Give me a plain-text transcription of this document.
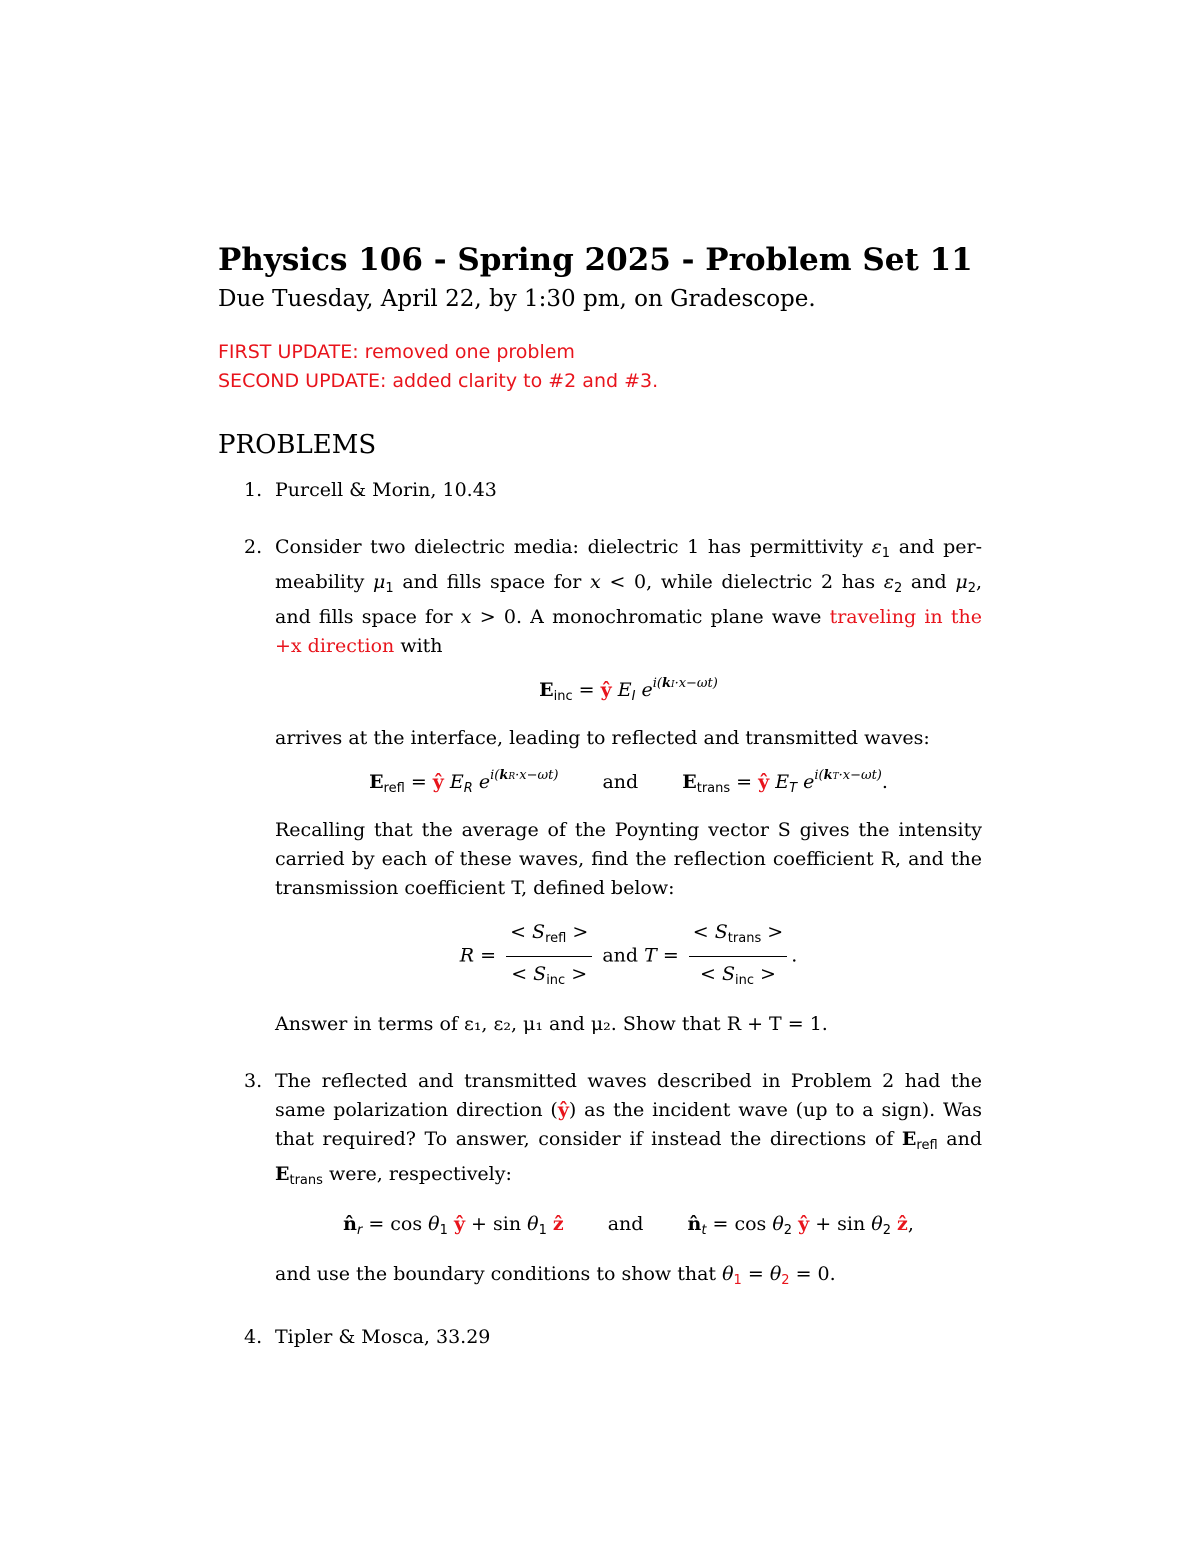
Physics 106 - Spring 2025 - Problem Set 11

Due Tuesday, April 22, by 1:30 pm, on Gradescope.

FIRST UPDATE: removed one problem
SECOND UPDATE: added clarity to #2 and #3.
PROBLEMS
1. Purcell & Morin, 10.43
2. Consider two dielectric media: dielectric 1 has permittivity $\varepsilon_1$ and per-meability $\mu_1$ and fills space for x < 0, while dielectric 2 has $\varepsilon_2$ and $\mu_2$, and fills space for x > 0. A monochromatic plane wave traveling in the +x direction with
$E_{inc}$ = ŷ $E_I$ $e^{i(kI\cdot x-\omega t)}$
arrives at the interface, leading to reflected and transmitted waves:
$E_{refl}$ = ŷ $E_R$ $e^{i(kR\cdot x-\omega t)}$ and $E_{trans}$ = ŷ $E_T$ $e^{i(kT\cdot x-\omega t)}$.
Recalling that the average of the Poynting vector S gives the intensity carried by each of these waves, find the reflection coefficient R, and the transmission coefficient T, defined below:
$R = \frac{< S_{refl} >}{< S_{inc} >}$ and $T = \frac{< S_{trans} >}{< S_{inc} >}$ .
Answer in terms of ε₁, ε₂, μ₁ and μ₂. Show that R + T = 1.
3. The reflected and transmitted waves described in Problem 2 had the same polarization direction (ŷ) as the incident wave (up to a sign). Was that required? To answer, consider if instead the directions of $E_{refl}$ and $E_{trans}$ were, respectively:
$n̂_r = \cos \theta_1$ ŷ + $\sin \theta_1$ ẑ and $n̂_t = \cos \theta_2$ ŷ + $\sin \theta_2$ ẑ,
and use the boundary conditions to show that $\theta_1 = \theta_2 = 0$.
4. Tipler & Mosca, 33.29
